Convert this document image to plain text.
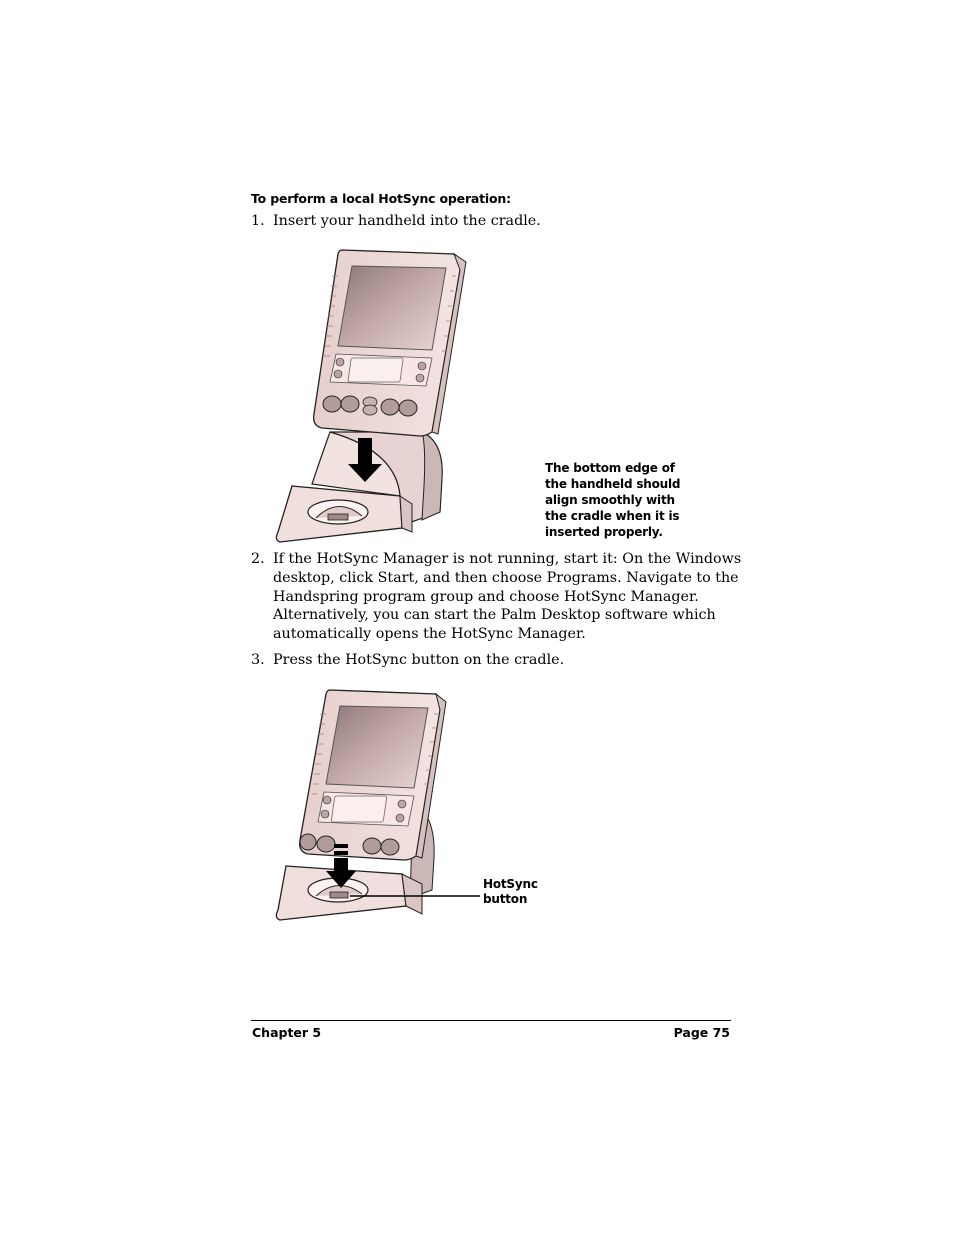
To perform a local HotSync operation:
1. Insert your handheld into the cradle.
The bottom edge of
the handheld should
align smoothly with
the cradle when it is
inserted properly.
2. If the HotSync Manager is not running, start it: On the Windows desktop, click Start, and then choose Programs. Navigate to the Handspring program group and choose HotSync Manager. Alternatively, you can start the Palm Desktop software which automatically opens the HotSync Manager.
3. Press the HotSync button on the cradle.
HotSync
button
Chapter 5	Page 75
